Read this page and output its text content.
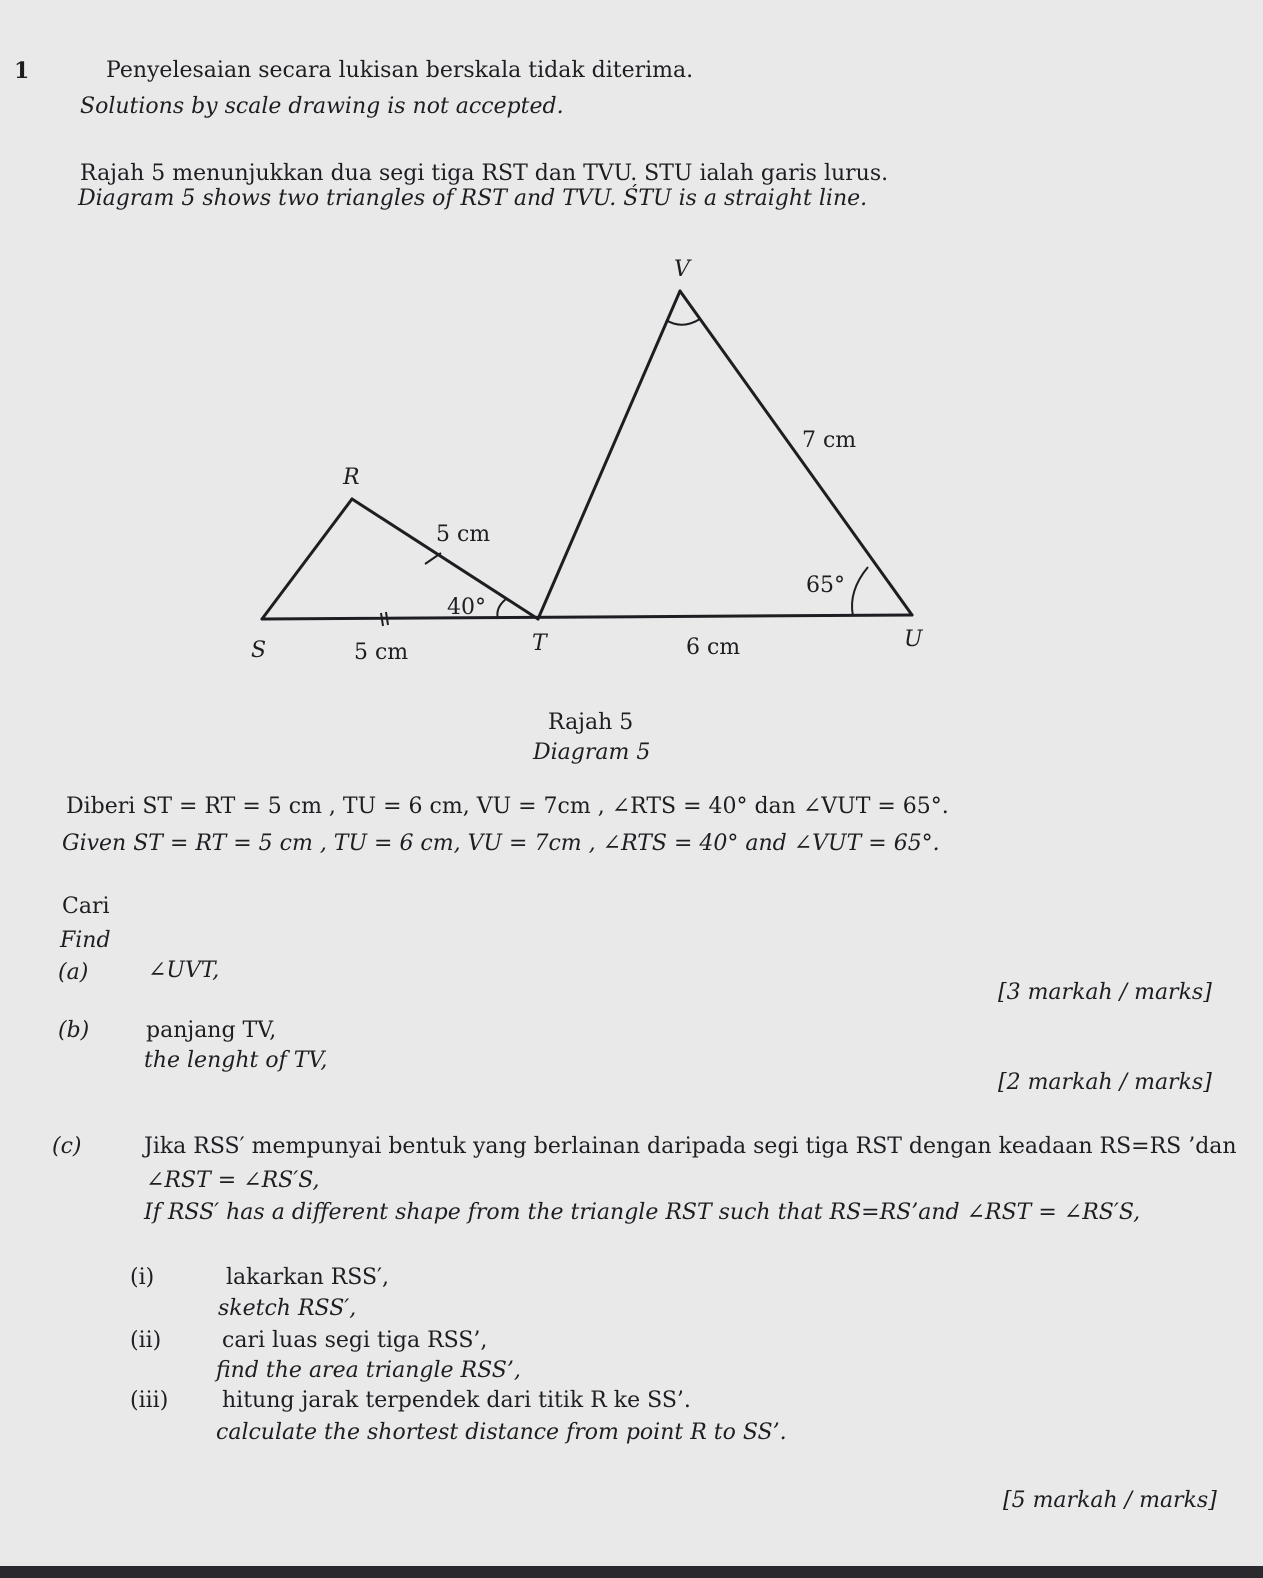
1	Penyelesaian secara lukisan berskala tidak diterima.
Solutions by scale drawing is not accepted.
Rajah 5 menunjukkan dua segi tiga RST dan TVU. STU ialah garis lurus.
Diagram 5 shows two triangles of RST and TVU. ŚTU is a straight line.
V
R
S	T	U
7 cm
5 cm
5 cm	6 cm
40°
65°
Rajah 5
Diagram 5
Diberi ST = RT = 5 cm , TU = 6 cm, VU = 7cm , ∠RTS = 40° dan ∠VUT = 65°.
Given ST = RT = 5 cm , TU = 6 cm, VU = 7cm , ∠RTS = 40° and ∠VUT = 65°.
Cari
Find
(a)	∠UVT,
[3 markah / marks]
(b)	panjang TV,
the lenght of TV,
[2 markah / marks]
(c)	Jika RSS′ mempunyai bentuk yang berlainan daripada segi tiga RST dengan keadaan RS=RS ’dan
∠RST = ∠RS′S,
If RSS′ has a different shape from the triangle RST such that RS=RS’and ∠RST = ∠RS′S,
(i)	lakarkan RSS′,
sketch RSS′,
(ii)	cari luas segi tiga RSS’,
find the area triangle RSS’,
(iii) hitung jarak terpendek dari titik R ke SS’.
calculate the shortest distance from point R to SS’.
[5 markah / marks]
